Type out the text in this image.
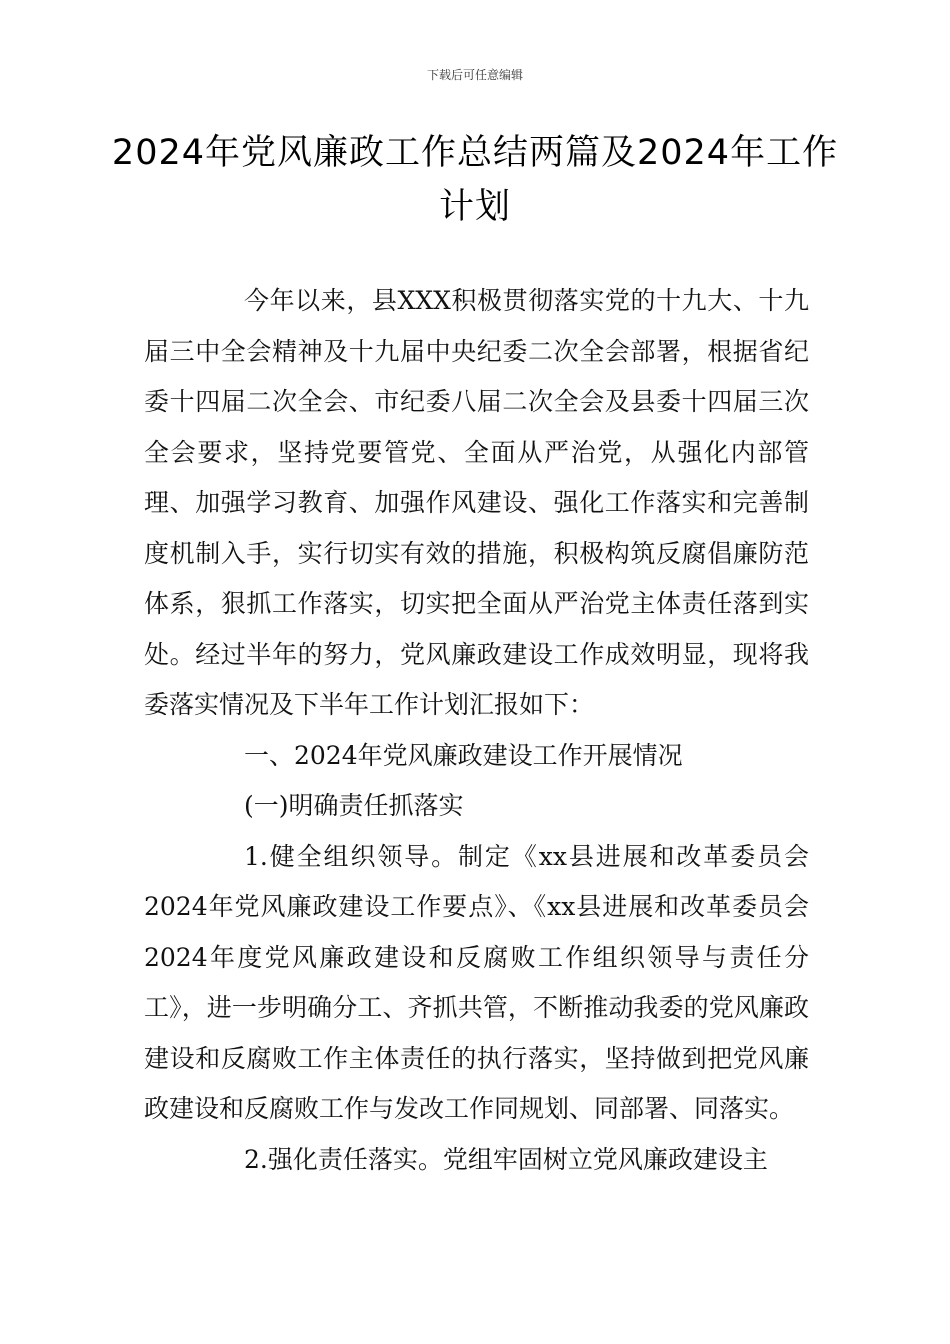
下载后可任意编辑
2024年党风廉政工作总结两篇及2024年工作计划

今年以来，县XXX积极贯彻落实党的十九大、十九届三中全会精神及十九届中央纪委二次全会部署，根据省纪委十四届二次全会、市纪委八届二次全会及县委十四届三次全会要求，坚持党要管党、全面从严治党，从强化内部管理、加强学习教育、加强作风建设、强化工作落实和完善制度机制入手，实行切实有效的措施，积极构筑反腐倡廉防范体系，狠抓工作落实，切实把全面从严治党主体责任落到实处。经过半年的努力，党风廉政建设工作成效明显，现将我委落实情况及下半年工作计划汇报如下：

一、2024年党风廉政建设工作开展情况

(一)明确责任抓落实

1.健全组织领导。制定《xx县进展和改革委员会2024年党风廉政建设工作要点》、《xx县进展和改革委员会2024年度党风廉政建设和反腐败工作组织领导与责任分工》，进一步明确分工、齐抓共管，不断推动我委的党风廉政建设和反腐败工作主体责任的执行落实，坚持做到把党风廉政建设和反腐败工作与发改工作同规划、同部署、同落实。

2.强化责任落实。党组牢固树立党风廉政建设主
